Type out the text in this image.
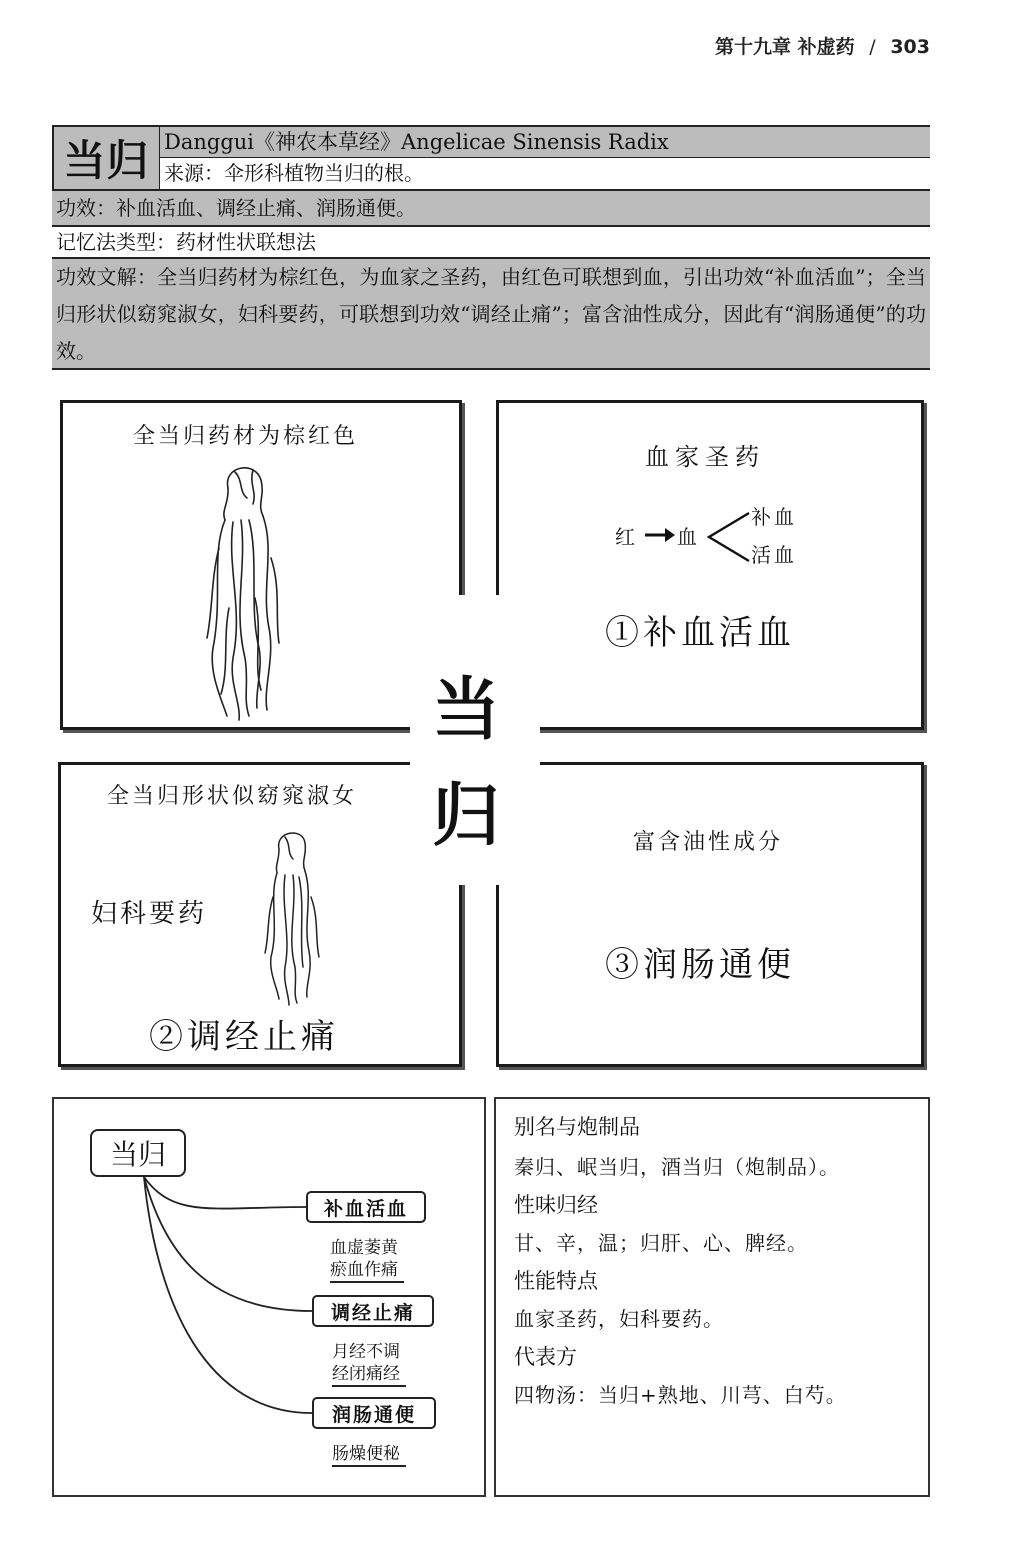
第十九章 补虚药 / 303
当归 Danggui《神农本草经》Angelicae Sinensis Radix
来源：伞形科植物当归的根。
功效：补血活血、调经止痛、润肠通便。
记忆法类型：药材性状联想法
功效文解：全当归药材为棕红色，为血家之圣药，由红色可联想到血，引出功效“补血活血”；全当归形状似窈窕淑女，妇科要药，可联想到功效“调经止痛”；富含油性成分，因此有“润肠通便”的功效。
全当归药材为棕红色
血家圣药
红 血
补血
活血
①补血活血
全当归形状似窈窕淑女
妇科要药
②调经止痛
富含油性成分
③润肠通便
当
归
当归
补血活血
血虚萎黄
瘀血作痛
调经止痛
月经不调
经闭痛经
润肠通便
肠燥便秘
别名与炮制品
秦归、岷当归，酒当归（炮制品）。
性味归经
甘、辛，温；归肝、心、脾经。
性能特点
血家圣药，妇科要药。
代表方
四物汤：当归+熟地、川芎、白芍。
